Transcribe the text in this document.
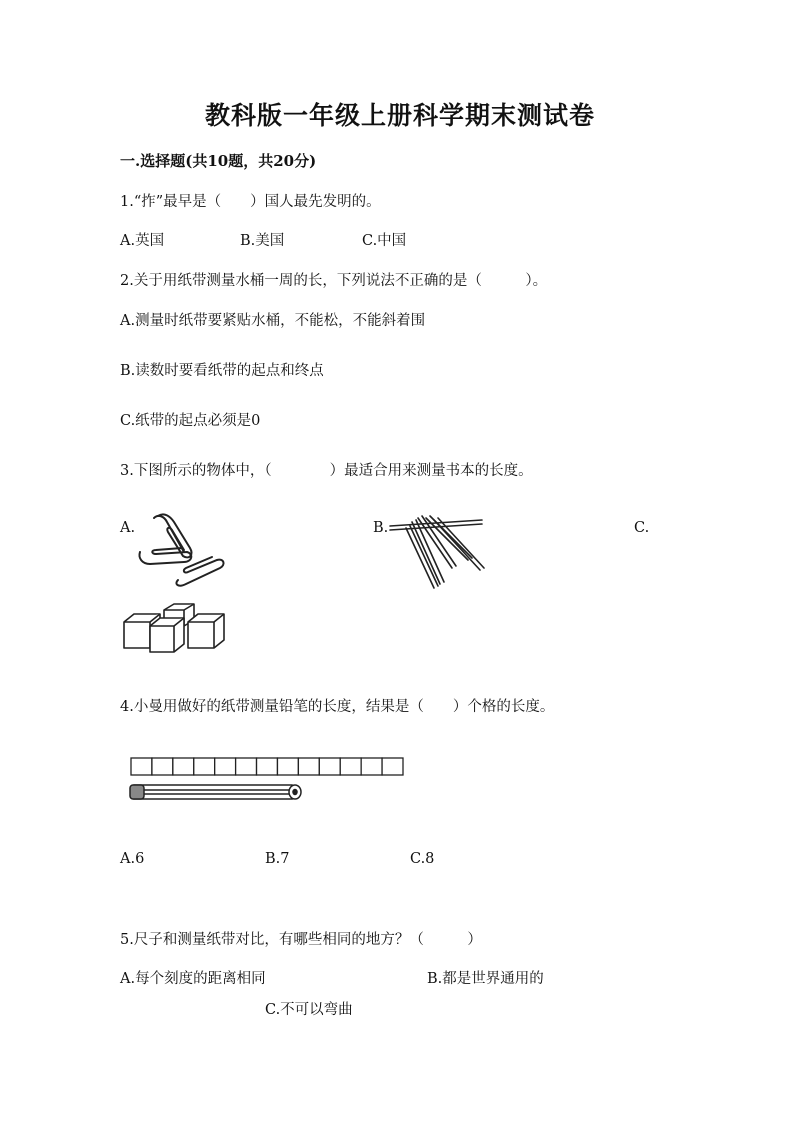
教科版一年级上册科学期末测试卷
一.选择题(共10题，共20分)
1.“拃”最早是（　　）国人最先发明的。
A.英国	B.美国	C.中国
2.关于用纸带测量水桶一周的长，下列说法不正确的是（　　　）。
A.测量时纸带要紧贴水桶，不能松，不能斜着围
B.读数时要看纸带的起点和终点
C.纸带的起点必须是0
3.下图所示的物体中，（　　　　）最适合用来测量书本的长度。
A.	B.	C.
4.小曼用做好的纸带测量铅笔的长度，结果是（　　）个格的长度。
A.6	B.7	C.8
5.尺子和测量纸带对比，有哪些相同的地方？（　　　）
A.每个刻度的距离相同	B.都是世界通用的
C.不可以弯曲
